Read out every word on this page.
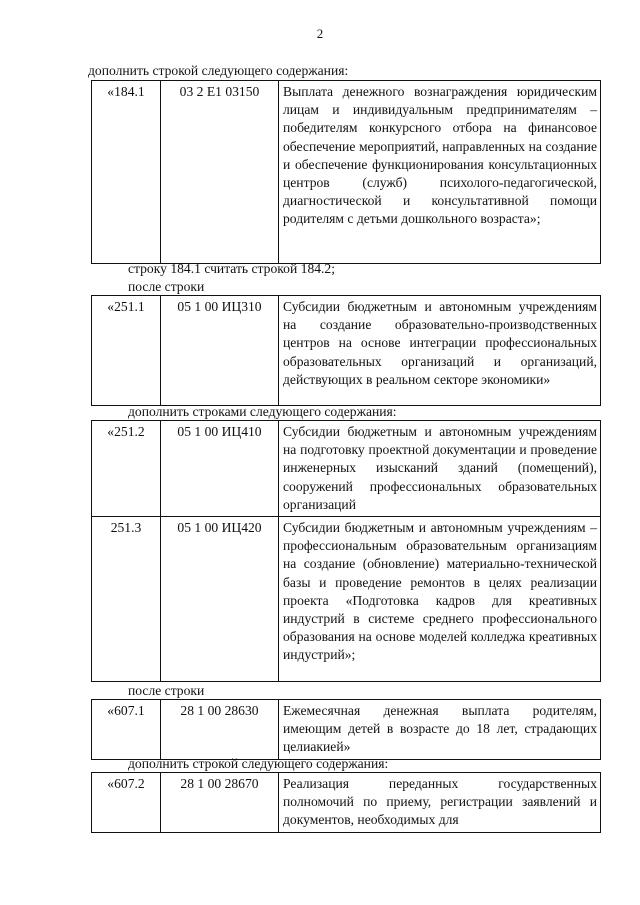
2
дополнить строкой следующего содержания:
«184.1	03 2 E1 03150	Выплата денежного вознаграждения юридическим лицам и индивидуальным предпринимателям – победителям конкурсного отбора на финансовое обеспечение мероприятий, направленных на создание и обеспечение функционирования консультационных центров (служб) психолого-педагогической, диагностической и консультативной помощи родителям с детьми дошкольного возраста»;
строку 184.1 считать строкой 184.2;
после строки
«251.1	05 1 00 ИЦ310	Субсидии бюджетным и автономным учреждениям на создание образовательно-производственных центров на основе интеграции профессиональных образовательных организаций и организаций, действующих в реальном секторе экономики»
дополнить строками следующего содержания:
«251.2	05 1 00 ИЦ410	Субсидии бюджетным и автономным учреждениям на подготовку проектной документации и проведение инженерных изысканий зданий (помещений), сооружений профессиональных образовательных организаций
251.3	05 1 00 ИЦ420	Субсидии бюджетным и автономным учреждениям – профессиональным образовательным организациям на создание (обновление) материально-технической базы и проведение ремонтов в целях реализации проекта «Подготовка кадров для креативных индустрий в системе среднего профессионального образования на основе моделей колледжа креативных индустрий»;
после строки
«607.1	28 1 00 28630	Ежемесячная денежная выплата родителям, имеющим детей в возрасте до 18 лет, страдающих целиакией»
дополнить строкой следующего содержания:
«607.2	28 1 00 28670	Реализация переданных государственных полномочий по приему, регистрации заявлений и документов, необходимых для
